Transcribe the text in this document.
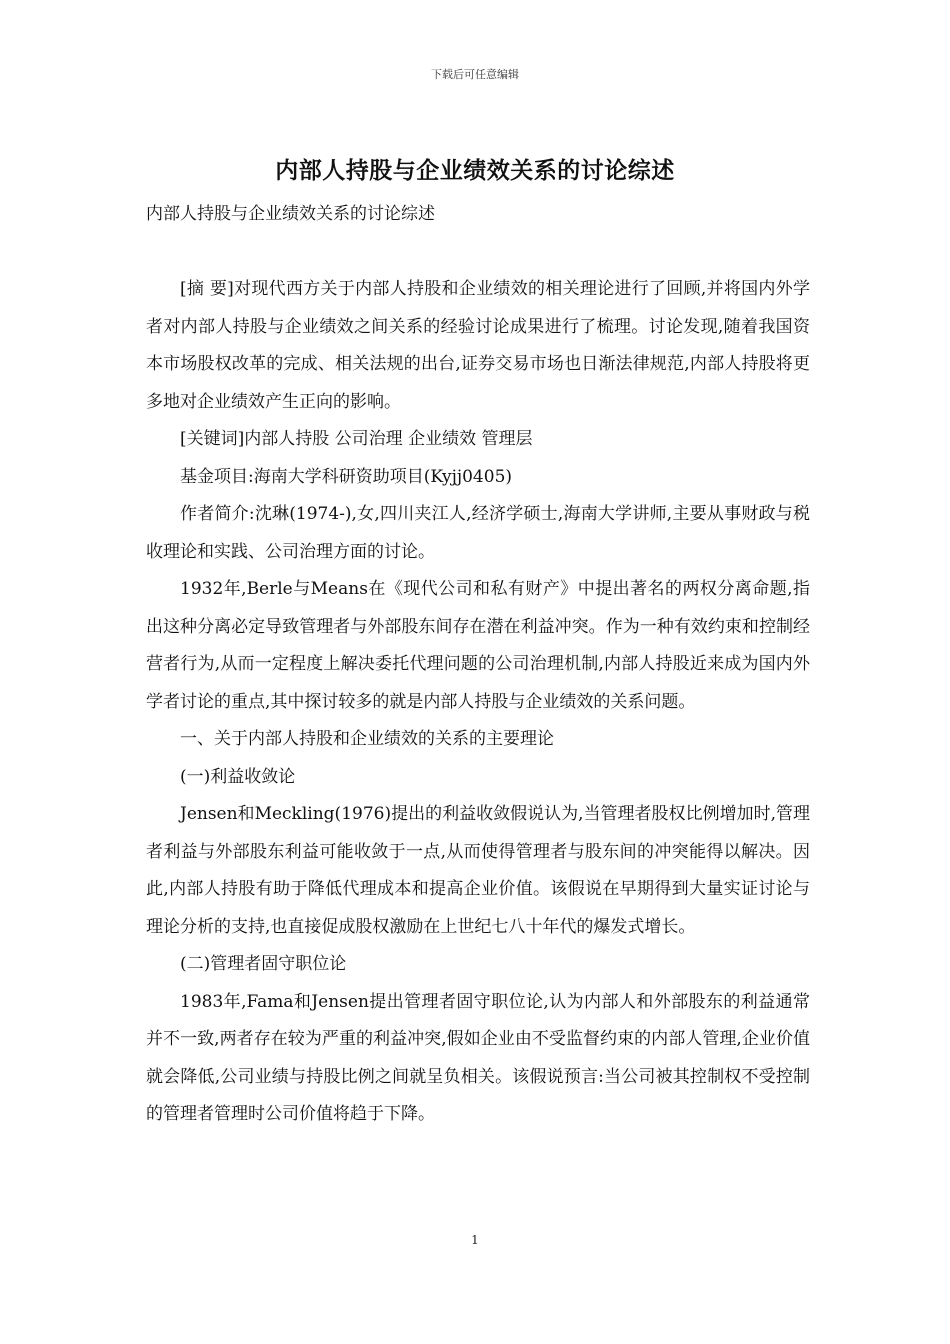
下载后可任意编辑
内部人持股与企业绩效关系的讨论综述

内部人持股与企业绩效关系的讨论综述

[摘 要]对现代西方关于内部人持股和企业绩效的相关理论进行了回顾,并将国内外学者对内部人持股与企业绩效之间关系的经验讨论成果进行了梳理。讨论发现,随着我国资本市场股权改革的完成、相关法规的出台,证券交易市场也日渐法律规范,内部人持股将更多地对企业绩效产生正向的影响。

[关键词]内部人持股 公司治理 企业绩效 管理层

基金项目:海南大学科研资助项目(Kyjj0405)

作者简介:沈琳(1974-),女,四川夹江人,经济学硕士,海南大学讲师,主要从事财政与税收理论和实践、公司治理方面的讨论。

1932年,Berle与Means在《现代公司和私有财产》中提出著名的两权分离命题,指出这种分离必定导致管理者与外部股东间存在潜在利益冲突。作为一种有效约束和控制经营者行为,从而一定程度上解决委托代理问题的公司治理机制,内部人持股近来成为国内外学者讨论的重点,其中探讨较多的就是内部人持股与企业绩效的关系问题。

一、关于内部人持股和企业绩效的关系的主要理论

(一)利益收敛论

Jensen和Meckling(1976)提出的利益收敛假说认为,当管理者股权比例增加时,管理者利益与外部股东利益可能收敛于一点,从而使得管理者与股东间的冲突能得以解决。因此,内部人持股有助于降低代理成本和提高企业价值。该假说在早期得到大量实证讨论与理论分析的支持,也直接促成股权激励在上世纪七八十年代的爆发式增长。

(二)管理者固守职位论

1983年,Fama和Jensen提出管理者固守职位论,认为内部人和外部股东的利益通常并不一致,两者存在较为严重的利益冲突,假如企业由不受监督约束的内部人管理,企业价值就会降低,公司业绩与持股比例之间就呈负相关。该假说预言:当公司被其控制权不受控制的管理者管理时公司价值将趋于下降。

1
